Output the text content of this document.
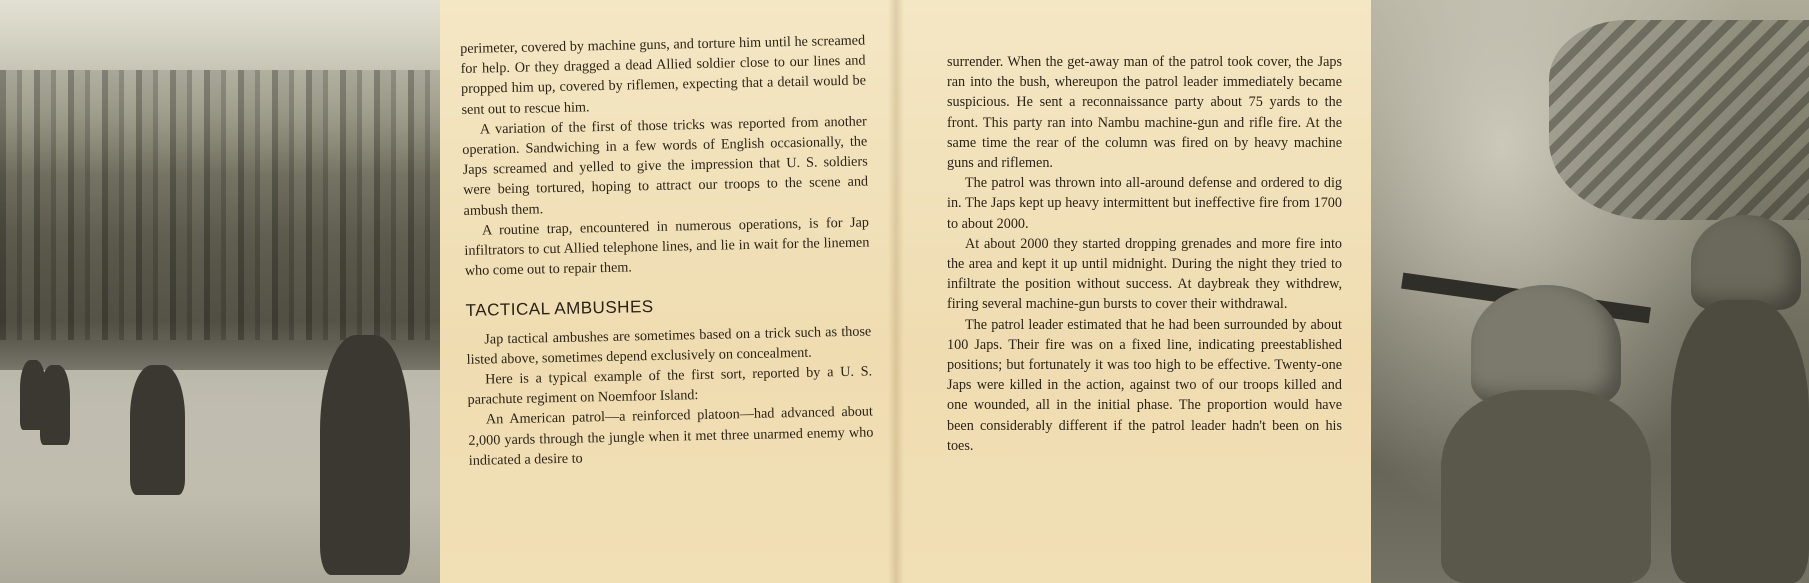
perimeter, covered by machine guns, and torture him until he screamed for help. Or they dragged a dead Allied soldier close to our lines and propped him up, covered by riflemen, expecting that a detail would be sent out to rescue him.

A variation of the first of those tricks was reported from another operation. Sandwiching in a few words of English occasionally, the Japs screamed and yelled to give the impression that U. S. soldiers were being tortured, hoping to attract our troops to the scene and ambush them.

A routine trap, encountered in numerous operations, is for Jap infiltrators to cut Allied telephone lines, and lie in wait for the linemen who come out to repair them.

TACTICAL AMBUSHES

Jap tactical ambushes are sometimes based on a trick such as those listed above, sometimes depend exclusively on concealment.

Here is a typical example of the first sort, reported by a U. S. parachute regiment on Noemfoor Island:

An American patrol—a reinforced platoon—had advanced about 2,000 yards through the jungle when it met three unarmed enemy who indicated a desire to

surrender. When the get-away man of the patrol took cover, the Japs ran into the bush, whereupon the patrol leader immediately became suspicious. He sent a reconnaissance party about 75 yards to the front. This party ran into Nambu machine-gun and rifle fire. At the same time the rear of the column was fired on by heavy machine guns and riflemen.

The patrol was thrown into all-around defense and ordered to dig in. The Japs kept up heavy intermittent but ineffective fire from 1700 to about 2000.

At about 2000 they started dropping grenades and more fire into the area and kept it up until midnight. During the night they tried to infiltrate the position without success. At daybreak they withdrew, firing several machine-gun bursts to cover their withdrawal.

The patrol leader estimated that he had been surrounded by about 100 Japs. Their fire was on a fixed line, indicating preestablished positions; but fortunately it was too high to be effective. Twenty-one Japs were killed in the action, against two of our troops killed and one wounded, all in the initial phase. The proportion would have been considerably different if the patrol leader hadn't been on his toes.
